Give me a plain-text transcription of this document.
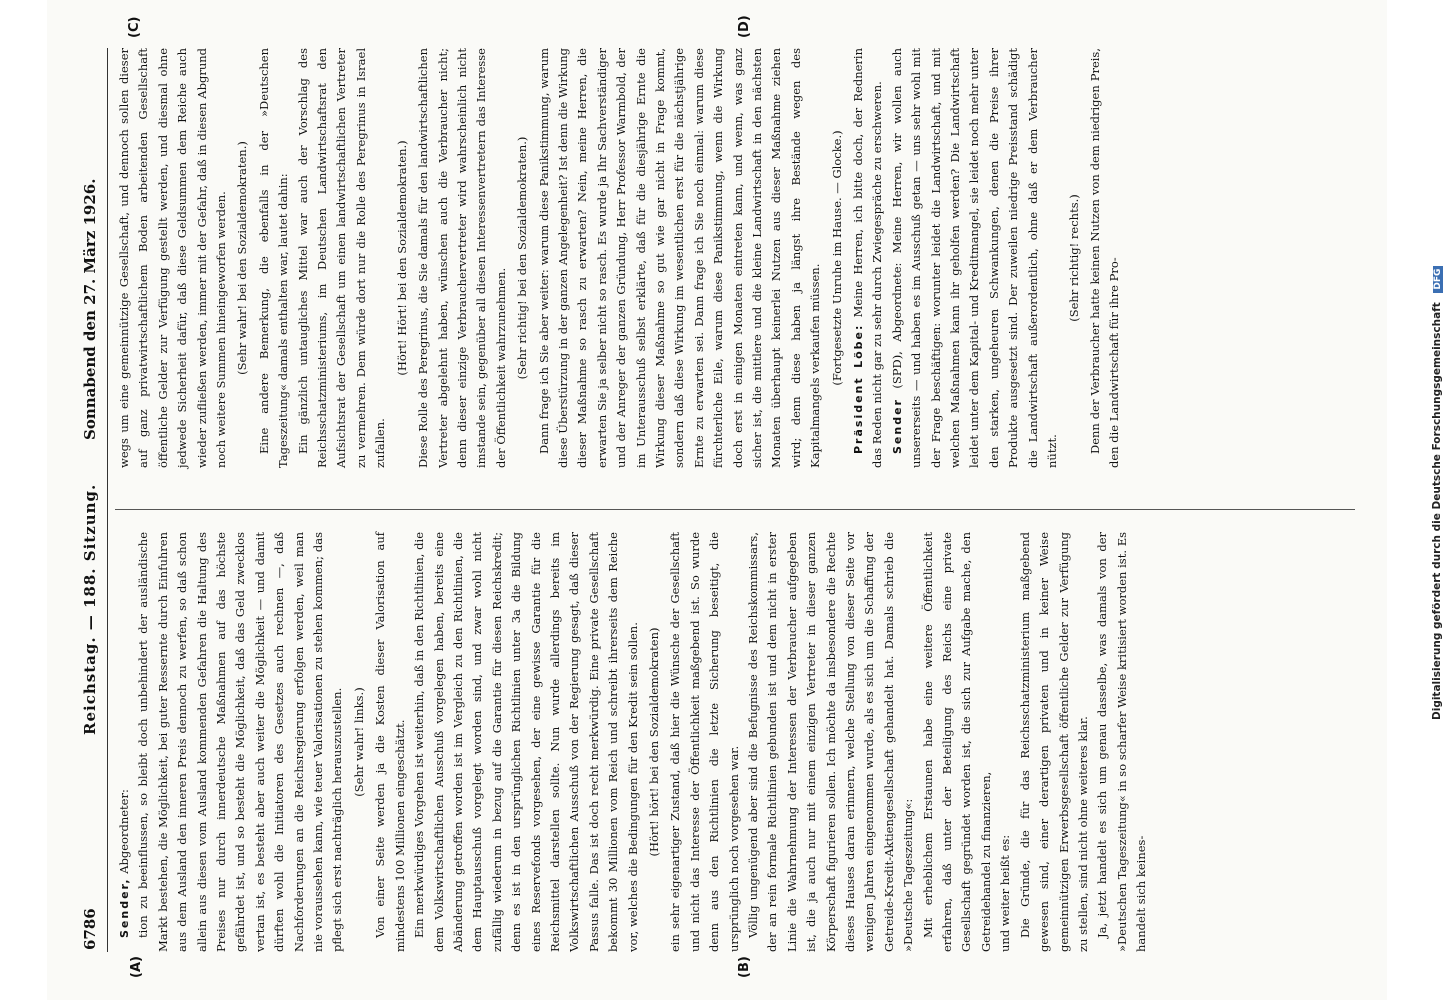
6786
Reichstag. — 188. Sitzung.
Sonnabend den 27. März 1926.
(A)	(B)
(C)	(D)

Sender, Abgeordneter: tion zu beeinflussen, so bleibt doch unbehindert der ausländische Markt bestehen, die Möglichkeit, bei guter Ressernte durch Einfuhren aus dem Ausland den inneren Preis dennoch zu werfen, so daß schon allein aus diesen vom Ausland kommenden Gefahren die Haltung des Preises nur durch innerdeutsche Maßnahmen auf das höchste gefährdet ist, und so besteht die Möglichkeit, daß das Geld zwecklos vertan ist, es besteht aber auch weiter die Möglichkeit — und damit dürften wohl die Initiatoren des Gesetzes auch rechnen —, daß Nachforderungen an die Reichsregierung erfolgen werden, weil man nie voraussehen kann, wie teuer Valorisationen zu stehen kommen; das pflegt sich erst nachträglich herauszustellen. (Sehr wahr! links.) Von einer Seite werden ja die Kosten dieser Valorisation auf mindestens 100 Millionen eingeschätzt. Ein merkwürdiges Vorgehen ist weiterhin, daß in den Richtlinien, die dem Volkswirtschaftlichen Ausschuß vorgelegen haben, bereits eine Abänderung getroffen worden ist im Vergleich zu den Richtlinien, die dem Hauptausschuß vorgelegt worden sind, und zwar wohl nicht zufällig wiederum in bezug auf die Garantie für diesen Reichskredit; denn es ist in den ursprünglichen Richtlinien unter 3a die Bildung eines Reservefonds vorgesehen, der eine gewisse Garantie für die Reichsmittel darstellen sollte. Nun wurde allerdings bereits im Volkswirtschaftlichen Ausschuß von der Regierung gesagt, daß dieser Passus falle. Das ist doch recht merkwürdig. Eine private Gesellschaft bekommt 30 Millionen vom Reich und schreibt ihrerseits dem Reiche vor, welches die Bedingungen für den Kredit sein sollen. (Hört! hört! bei den Sozialdemokraten) ein sehr eigenartiger Zustand, daß hier die Wünsche der Gesellschaft und nicht das Interesse der Öffentlichkeit maßgebend ist. So wurde denn aus den Richtlinien die letzte Sicherung beseitigt, die ursprünglich noch vorgesehen war. Völlig ungenügend aber sind die Befugnisse des Reichskommissars, der an rein formale Richtlinien gebunden ist und dem nicht in erster Linie die Wahrnehmung der Interessen der Verbraucher aufgegeben ist, die ja auch nur mit einem einzigen Vertreter in dieser ganzen Körperschaft figurieren sollen. Ich möchte da insbesondere die Rechte dieses Hauses daran erinnern, welche Stellung von dieser Seite vor wenigen Jahren eingenommen wurde, als es sich um die Schaffung der Getreide-Kredit-Aktiengesellschaft gehandelt hat. Damals schrieb die »Deutsche Tageszeitung«: Mit erheblichem Erstaunen habe eine weitere Öffentlichkeit erfahren, daß unter der Beteiligung des Reichs eine private Gesellschaft gegründet worden ist, die sich zur Aufgabe mache, den Getreidehandel zu finanzieren, und weiter heißt es: Die Gründe, die für das Reichsschatzministerium maßgebend gewesen sind, einer derartigen privaten und in keiner Weise gemeinnützigen Erwerbsgesellschaft öffentliche Gelder zur Verfügung zu stellen, sind nicht ohne weiteres klar. Ja, jetzt handelt es sich um genau dasselbe, was damals von der »Deutschen Tageszeitung« in so scharfer Weise kritisiert worden ist. Es handelt sich keines-

wegs um eine gemeinnützige Gesellschaft, und dennoch sollen dieser auf ganz privatwirtschaftlichem Boden arbeitenden Gesellschaft öffentliche Gelder zur Verfügung gestellt werden, und diesmal ohne jedwede Sicherheit dafür, daß diese Geldsummen dem Reiche auch wieder zufließen werden, immer mit der Gefahr, daß in diesen Abgrund noch weitere Summen hineingeworfen werden. (Sehr wahr! bei den Sozialdemokraten.) Eine andere Bemerkung, die ebenfalls in der »Deutschen Tageszeitung« damals enthalten war, lautet dahin: Ein gänzlich untaugliches Mittel war auch der Vorschlag des Reichsschatzministeriums, im Deutschen Landwirtschaftsrat den Aufsichtsrat der Gesellschaft um einen landwirtschaftlichen Vertreter zu vermehren. Dem würde dort nur die Rolle des Peregrinus in Israel zufallen.

(Hört! Hört! bei den Sozialdemokraten.) Diese Rolle des Peregrinus, die Sie damals für den landwirtschaftlichen Vertreter abgelehnt haben, wünschen auch die Verbraucher nicht; denn dieser einzige Verbrauchervertreter wird wahrscheinlich nicht imstande sein, gegenüber all diesen Interessenvertretern das Interesse der Öffentlichkeit wahrzunehmen. (Sehr richtig! bei den Sozialdemokraten.) Dann frage ich Sie aber weiter: warum diese Panikstimmung, warum diese Überstürzung in der ganzen Angelegenheit? Ist denn die Wirkung dieser Maßnahme so rasch zu erwarten? Nein, meine Herren, die erwarten Sie ja selber nicht so rasch. Es wurde ja Ihr Sachverständiger und der Anreger der ganzen Gründung, Herr Professor Warmbold, der im Unterausschuß selbst erklärte, daß für die diesjährige Ernte die Wirkung dieser Maßnahme so gut wie gar nicht in Frage kommt, sondern daß diese Wirkung im wesentlichen erst für die nächstjährige Ernte zu erwarten sei. Dann frage ich Sie noch einmal: warum diese fürchterliche Eile, warum diese Panikstimmung, wenn die Wirkung doch erst in einigen Monaten eintreten kann, und wenn, was ganz sicher ist, die mittlere und die kleine Landwirtschaft in den nächsten Monaten überhaupt keinerlei Nutzen aus dieser Maßnahme ziehen wird; denn diese haben ja längst ihre Bestände wegen des Kapitalmangels verkaufen müssen. (Fortgesetzte Unruhe im Hause. — Glocke.)

Präsident Löbe: Meine Herren, ich bitte doch, der Rednerin das Reden nicht gar zu sehr durch Zwiegespräche zu erschweren. Sender (SPD), Abgeordnete: Meine Herren, wir wollen auch unsererseits — und haben es im Ausschuß getan — uns sehr wohl mit der Frage beschäftigen: worunter leidet die Landwirtschaft, und mit welchen Maßnahmen kann ihr geholfen werden? Die Landwirtschaft leidet unter dem Kapital- und Kreditmangel, sie leidet noch mehr unter den starken, ungeheuren Schwankungen, denen die Preise ihrer Produkte ausgesetzt sind. Der zuweilen niedrige Preisstand schädigt die Landwirtschaft außerordentlich, ohne daß er dem Verbraucher nützt.

(Sehr richtig! rechts.) Denn der Verbraucher hatte keinen Nutzen von dem niedrigen Preis, den die Landwirtschaft für ihre Pro-	Digitalisierung gefördert durch die Deutsche Forschungsgemeinschaft DFG
